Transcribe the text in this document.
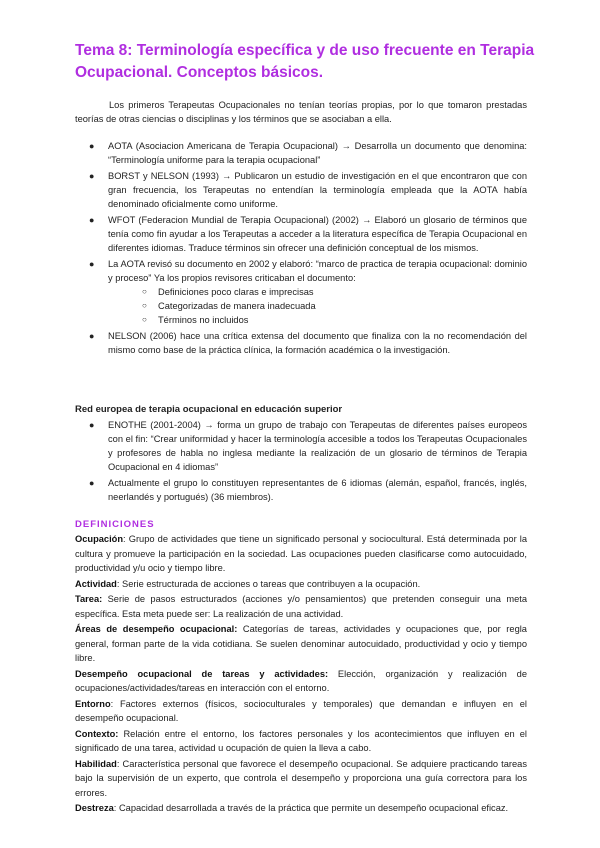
Tema 8: Terminología específica y de uso frecuente en Terapia Ocupacional. Conceptos básicos.

Los primeros Terapeutas Ocupacionales no tenían teorías propias, por lo que tomaron prestadas teorías de otras ciencias o disciplinas y los términos que se asociaban a ella.

● AOTA (Asociacion Americana de Terapia Ocupacional) → Desarrolla un documento que denomina: “Terminología uniforme para la terapia ocupacional”
● BORST y NELSON (1993) → Publicaron un estudio de investigación en el que encontraron que con gran frecuencia, los Terapeutas no entendían la terminología empleada que la AOTA había denominado oficialmente como uniforme.
● WFOT (Federacion Mundial de Terapia Ocupacional) (2002) → Elaboró un glosario de términos que tenía como fin ayudar a los Terapeutas a acceder a la literatura específica de Terapia Ocupacional en diferentes idiomas. Traduce términos sin ofrecer una definición conceptual de los mismos.
● La AOTA revisó su documento en 2002 y elaboró: “marco de practica de terapia ocupacional: dominio y proceso” Ya los propios revisores criticaban el documento:
○ Definiciones poco claras e imprecisas
○ Categorizadas de manera inadecuada
○ Términos no incluidos
● NELSON (2006) hace una crítica extensa del documento que finaliza con la no recomendación del mismo como base de la práctica clínica, la formación académica o la investigación.

Red europea de terapia ocupacional en educación superior

● ENOTHE (2001-2004) → forma un grupo de trabajo con Terapeutas de diferentes países europeos con el fin: “Crear uniformidad y hacer la terminología accesible a todos los Terapeutas Ocupacionales y profesores de habla no inglesa mediante la realización de un glosario de términos de Terapia Ocupacional en 4 idiomas”
● Actualmente el grupo lo constituyen representantes de 6 idiomas (alemán, español, francés, inglés, neerlandés y portugués) (36 miembros).

DEFINICIONES

Ocupación: Grupo de actividades que tiene un significado personal y sociocultural. Está determinada por la cultura y promueve la participación en la sociedad. Las ocupaciones pueden clasificarse como autocuidado, productividad y/u ocio y tiempo libre.

Actividad: Serie estructurada de acciones o tareas que contribuyen a la ocupación.

Tarea: Serie de pasos estructurados (acciones y/o pensamientos) que pretenden conseguir una meta específica. Esta meta puede ser: La realización de una actividad.

Áreas de desempeño ocupacional: Categorías de tareas, actividades y ocupaciones que, por regla general, forman parte de la vida cotidiana. Se suelen denominar autocuidado, productividad y ocio y tiempo libre.

Desempeño ocupacional de tareas y actividades: Elección, organización y realización de ocupaciones/actividades/tareas en interacción con el entorno.

Entorno: Factores externos (físicos, socioculturales y temporales) que demandan e influyen en el desempeño ocupacional.

Contexto: Relación entre el entorno, los factores personales y los acontecimientos que influyen en el significado de una tarea, actividad u ocupación de quien la lleva a cabo.

Habilidad: Característica personal que favorece el desempeño ocupacional. Se adquiere practicando tareas bajo la supervisión de un experto, que controla el desempeño y proporciona una guía correctora para los errores.

Destreza: Capacidad desarrollada a través de la práctica que permite un desempeño ocupacional eficaz.
